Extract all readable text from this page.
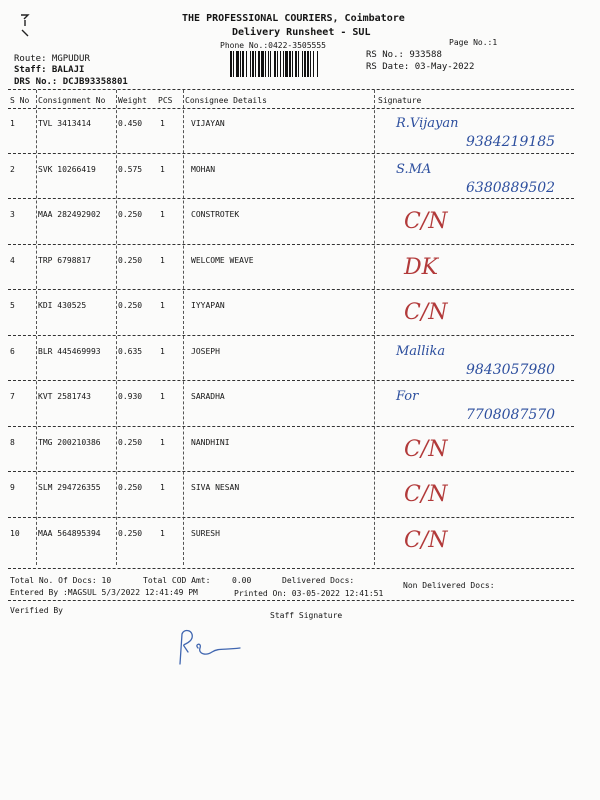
THE PROFESSIONAL COURIERS, Coimbatore
Delivery Runsheet - SUL
Phone No.:0422-3505555	Page No.:1
Route: MGPUDUR
Staff: BALAJI
DRS No.: DCJB93358801
RS No.: 933588
RS Date: 03-May-2022
S No Consignment No Weight PCS Consignee Details	Signature
1	TVL 3413414	0.450 1	VIJAYAN	R.Vijayan
9384219185
2	SVK 10266419	0.575 1	MOHAN	S.MA
6380889502
3	MAA 282492902 0.250 1	CONSTROTEK	C/N
4	TRP 6798817	0.250 1	WELCOME WEAVE	DK
5	KDI 430525	0.250 1	IYYAPAN	C/N
6	BLR 445469993 0.635 1	JOSEPH	Mallika
9843057980
7	KVT 2581743	0.930 1	SARADHA	For
7708087570
8	TMG 200210386 0.250 1	NANDHINI	C/N
9	SLM 294726355 0.250 1	SIVA NESAN	C/N
10 MAA 564895394 0.250 1	SURESH	C/N
Total No. Of Docs: 10	Total COD Amt:	0.00	Delivered Docs:
Non Delivered Docs:
Entered By :MAGSUL 5/3/2022 12:41:49 PM	Printed On: 03-05-2022 12:41:51
Verified By
Staff Signature
